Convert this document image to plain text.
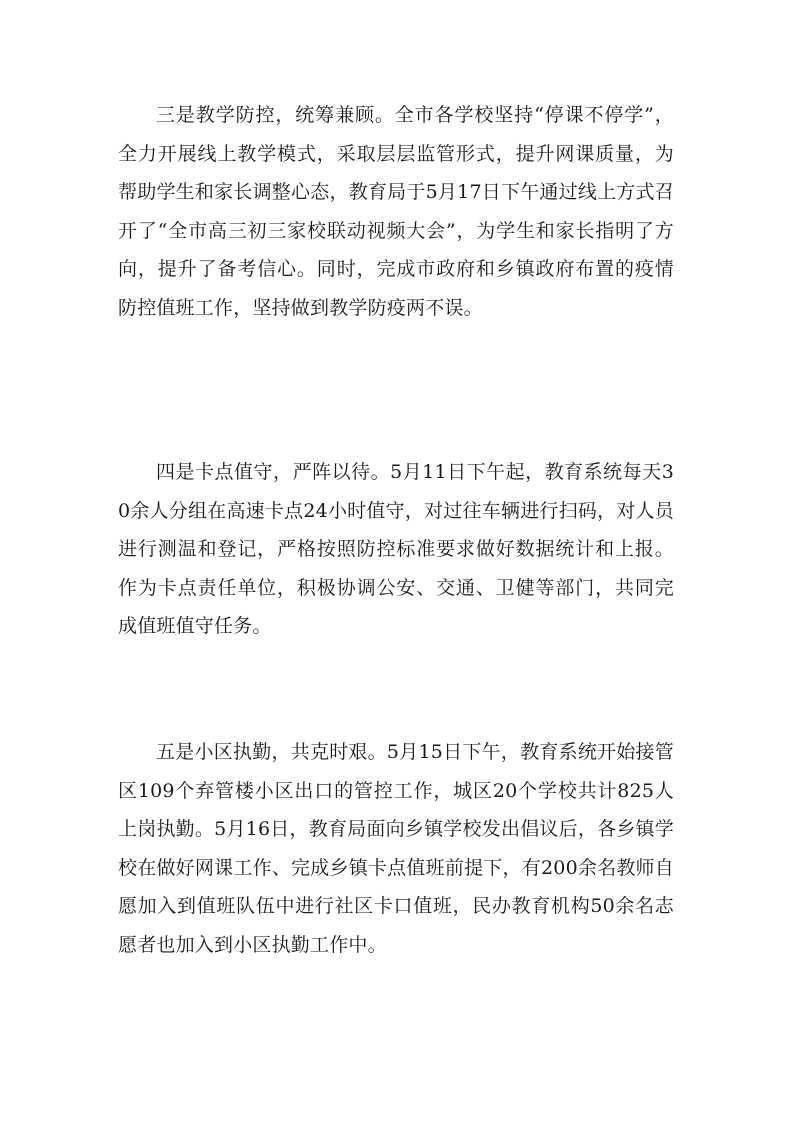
三是教学防控，统筹兼顾。全市各学校坚持“停课不停学”，全力开展线上教学模式，采取层层监管形式，提升网课质量，为帮助学生和家长调整心态，教育局于5月17日下午通过线上方式召开了“全市高三初三家校联动视频大会”，为学生和家长指明了方向，提升了备考信心。同时，完成市政府和乡镇政府布置的疫情防控值班工作，坚持做到教学防疫两不误。

四是卡点值守，严阵以待。5月11日下午起，教育系统每天30余人分组在高速卡点24小时值守，对过往车辆进行扫码，对人员进行测温和登记，严格按照防控标准要求做好数据统计和上报。作为卡点责任单位，积极协调公安、交通、卫健等部门，共同完成值班值守任务。

五是小区执勤，共克时艰。5月15日下午，教育系统开始接管区109个弃管楼小区出口的管控工作，城区20个学校共计825人上岗执勤。5月16日，教育局面向乡镇学校发出倡议后，各乡镇学校在做好网课工作、完成乡镇卡点值班前提下，有200余名教师自愿加入到值班队伍中进行社区卡口值班，民办教育机构50余名志愿者也加入到小区执勤工作中。
